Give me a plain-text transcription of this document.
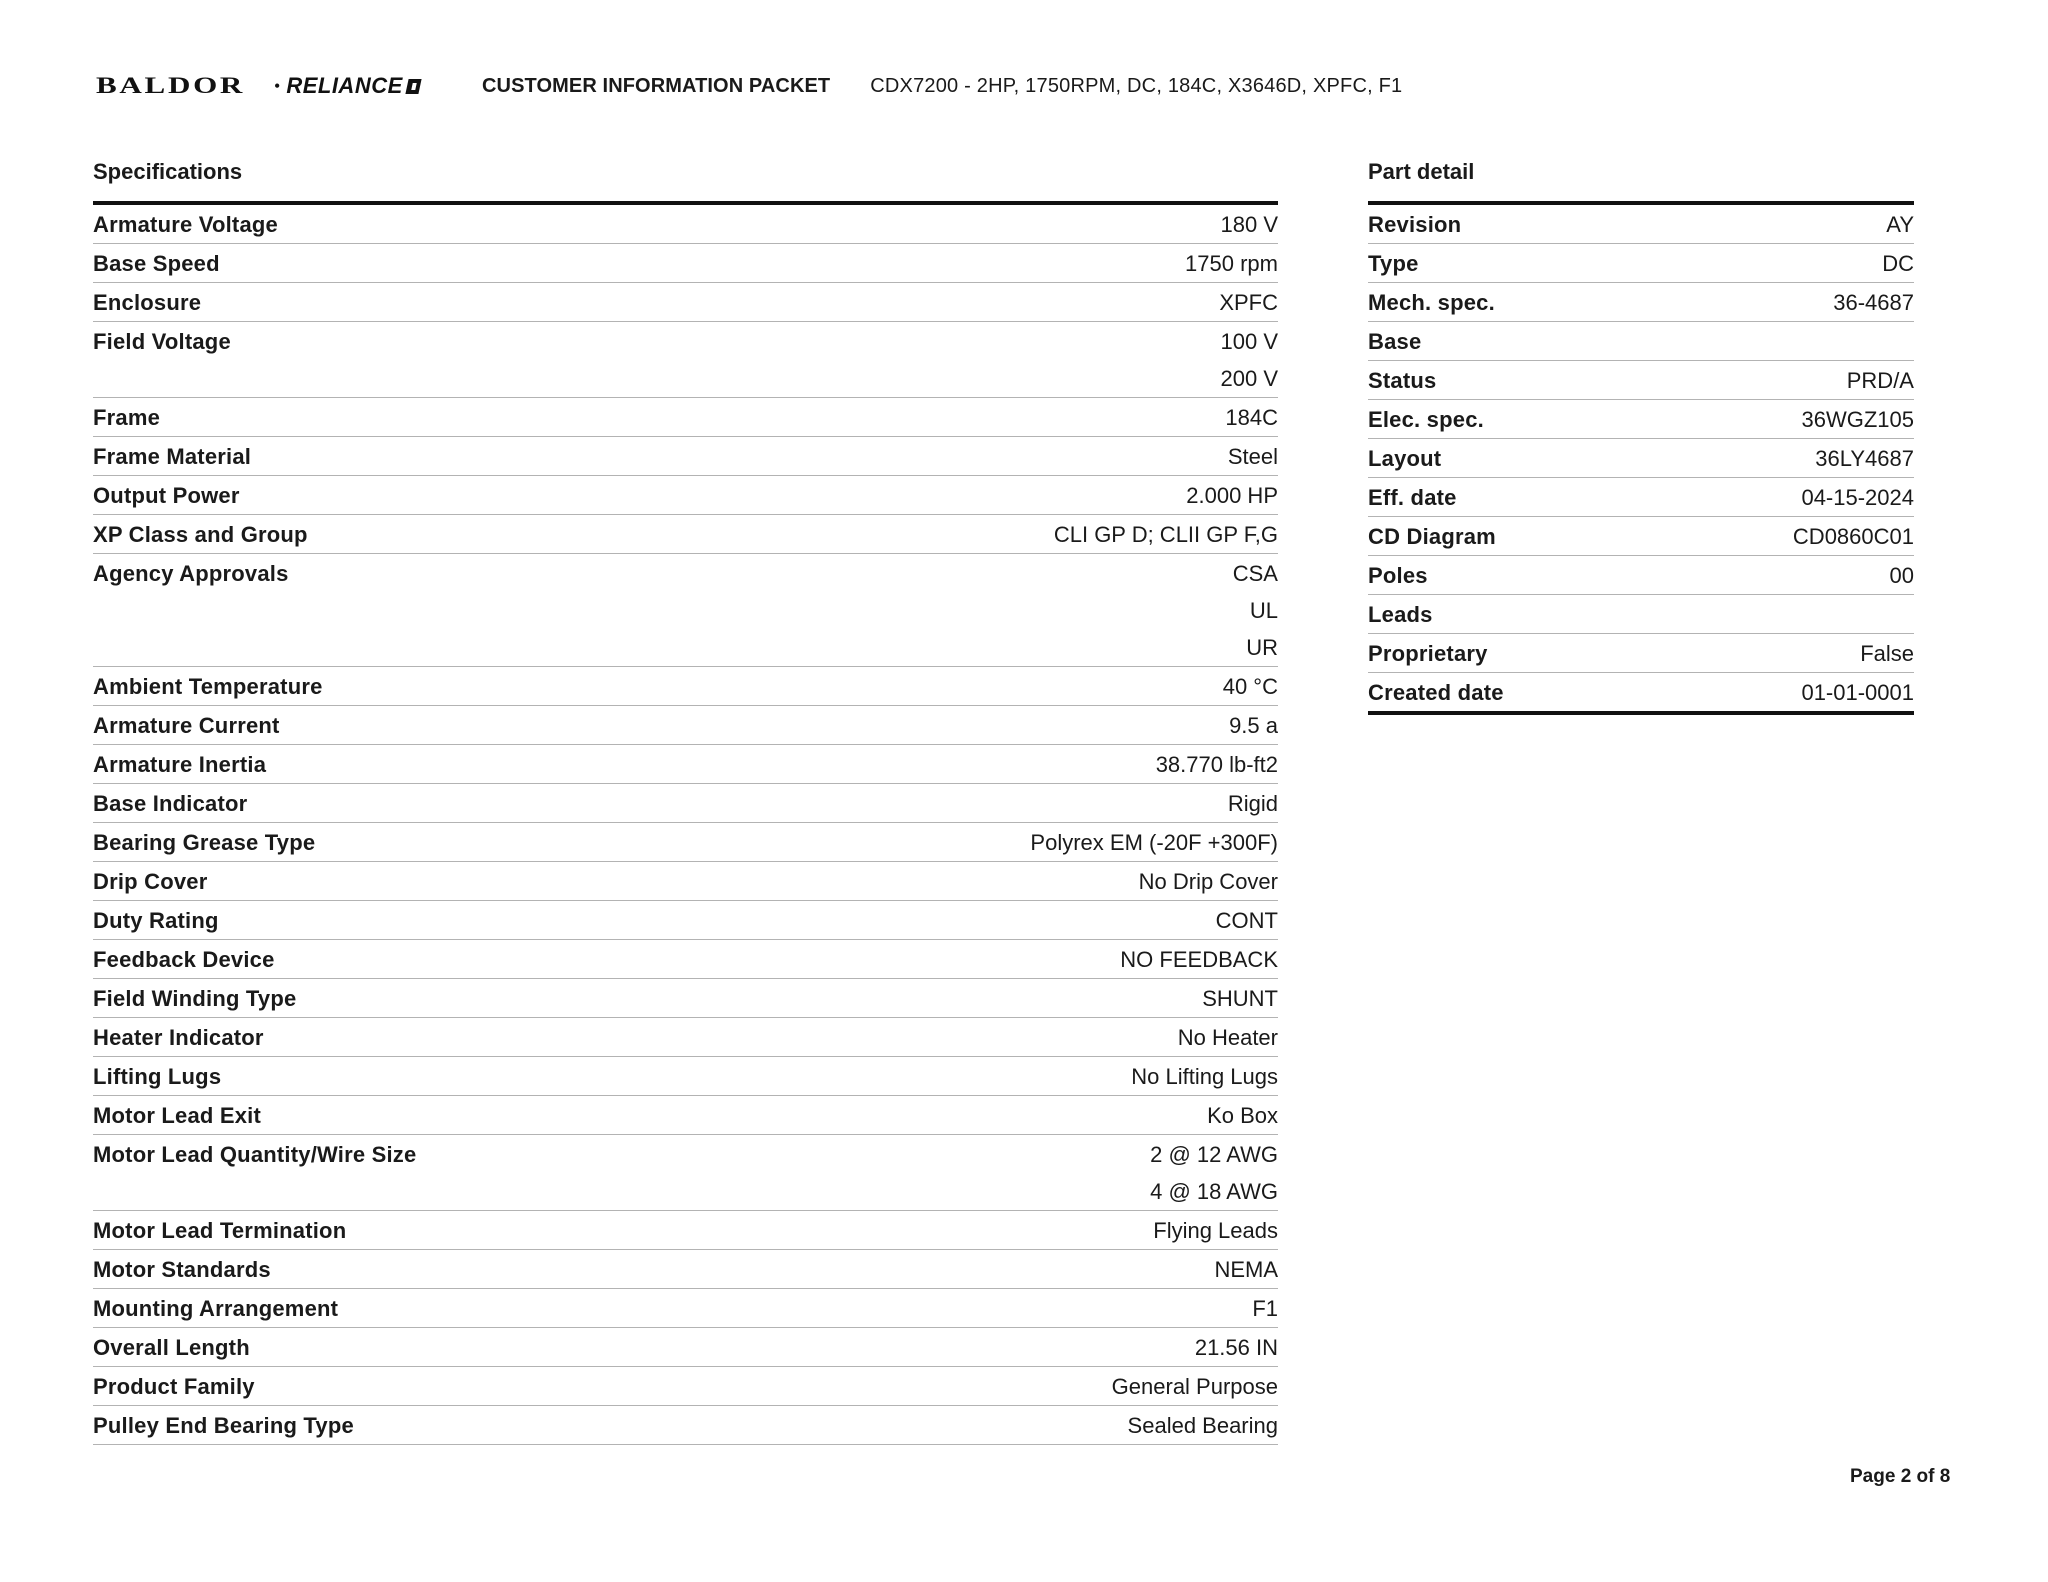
BALDOR • RELIANCE	CUSTOMER INFORMATION PACKET CDX7200 - 2HP, 1750RPM, DC, 184C, X3646D, XPFC, F1
Specifications
Armature Voltage	180 V
Base Speed	1750 rpm
Enclosure	XPFC
Field Voltage	100 V
200 V
Frame	184C
Frame Material	Steel
Output Power	2.000 HP
XP Class and Group	CLI GP D; CLII GP F,G
Agency Approvals	CSA
UL
UR
Ambient Temperature	40 °C
Armature Current	9.5 a
Armature Inertia	38.770 lb-ft2
Base Indicator	Rigid
Bearing Grease Type	Polyrex EM (-20F +300F)
Drip Cover	No Drip Cover
Duty Rating	CONT
Feedback Device	NO FEEDBACK
Field Winding Type	SHUNT
Heater Indicator	No Heater
Lifting Lugs	No Lifting Lugs
Motor Lead Exit	Ko Box
Motor Lead Quantity/Wire Size	2 @ 12 AWG
4 @ 18 AWG
Motor Lead Termination	Flying Leads
Motor Standards	NEMA
Mounting Arrangement	F1
Overall Length	21.56 IN
Product Family	General Purpose
Pulley End Bearing Type	Sealed Bearing
Part detail
Revision	AY
Type	DC
Mech. spec.	36-4687
Base
Status	PRD/A
Elec. spec.	36WGZ105
Layout	36LY4687
Eff. date	04-15-2024
CD Diagram	CD0860C01
Poles	00
Leads
Proprietary	False
Created date	01-01-0001
Page 2 of 8
